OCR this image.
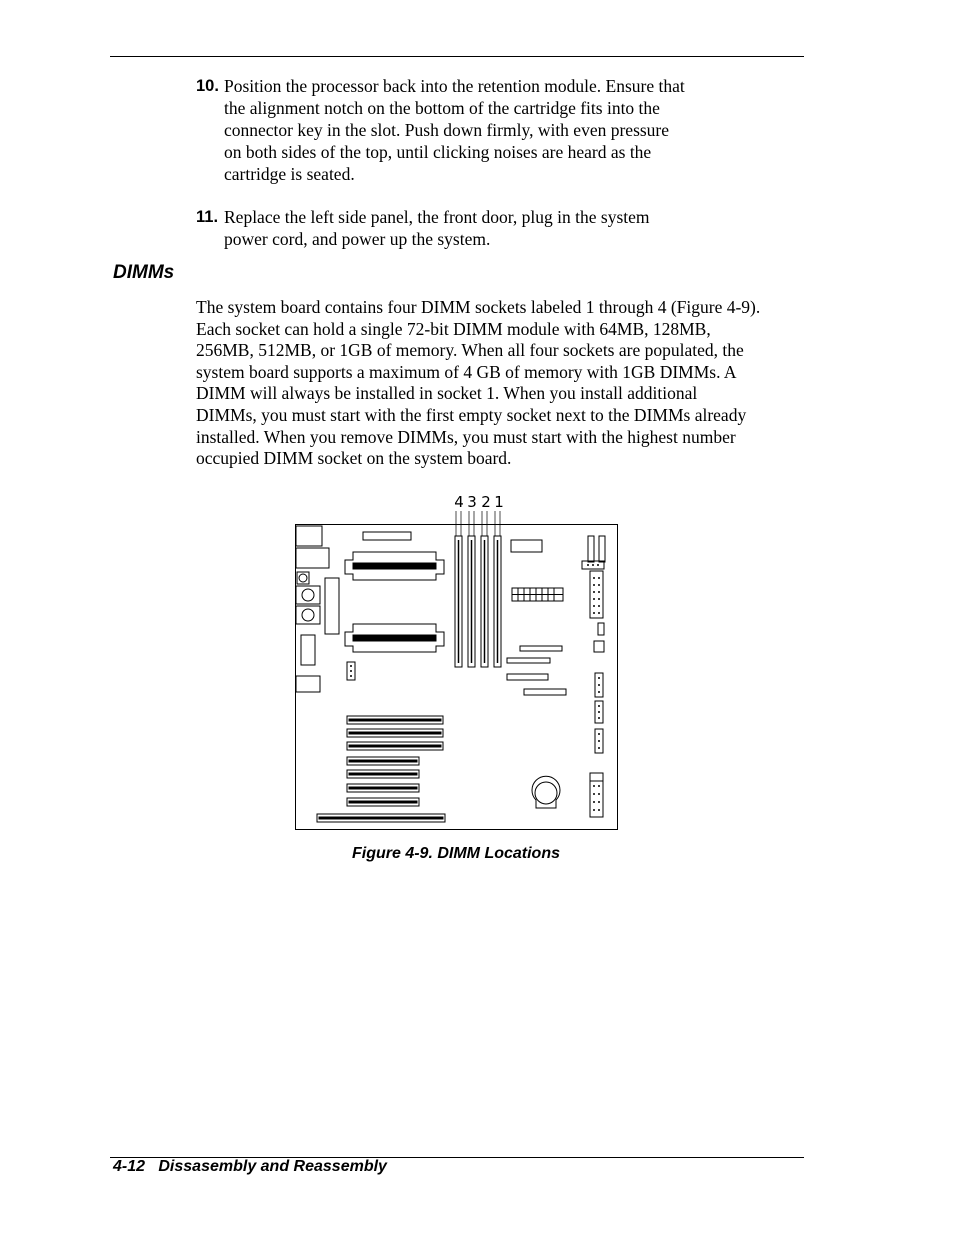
10. Position the processor back into the retention module. Ensure that
the alignment notch on the bottom of the cartridge fits into the
connector key in the slot. Push down firmly, with even pressure
on both sides of the top, until clicking noises are heard as the
cartridge is seated.
11. Replace the left side panel, the front door, plug in the system
power cord, and power up the system.
DIMMs
The system board contains four DIMM sockets labeled 1 through 4 (Figure 4-9).
Each socket can hold a single 72-bit DIMM module with 64MB, 128MB,
256MB, 512MB, or 1GB of memory. When all four sockets are populated, the
system board supports a maximum of 4 GB of memory with 1GB DIMMs. A
DIMM will always be installed in socket 1. When you install additional
DIMMs, you must start with the first empty socket next to the DIMMs already
installed. When you remove DIMMs, you must start with the highest number
occupied DIMM socket on the system board.
4 3 2 1
Figure 4-9. DIMM Locations
4-12 Dissasembly and Reassembly
